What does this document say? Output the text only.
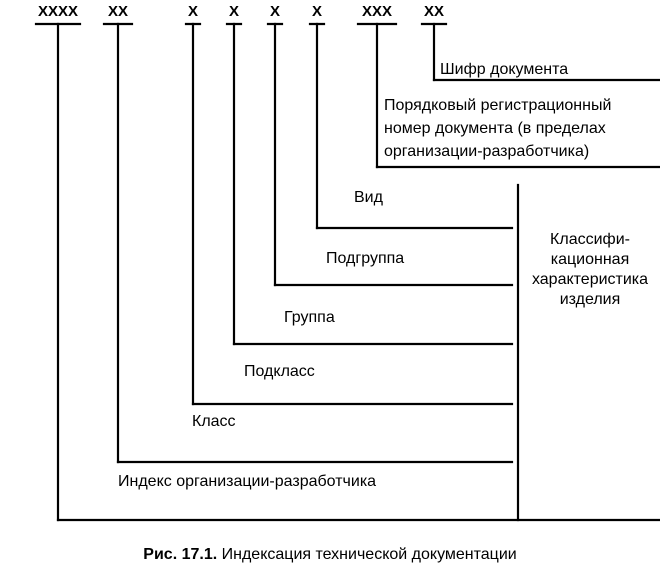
XXXX XX	X X X X	XXX XX
Шифр документа
Порядковый регистрационный
номер документа (в пределах
организации-разработчика)
Вид
Подгруппа
Группа
Подкласс
Класс
Индекс организации-разработчика
Классифи-
кационная
характеристика
изделия
Рис. 17.1. Индексация технической документации
